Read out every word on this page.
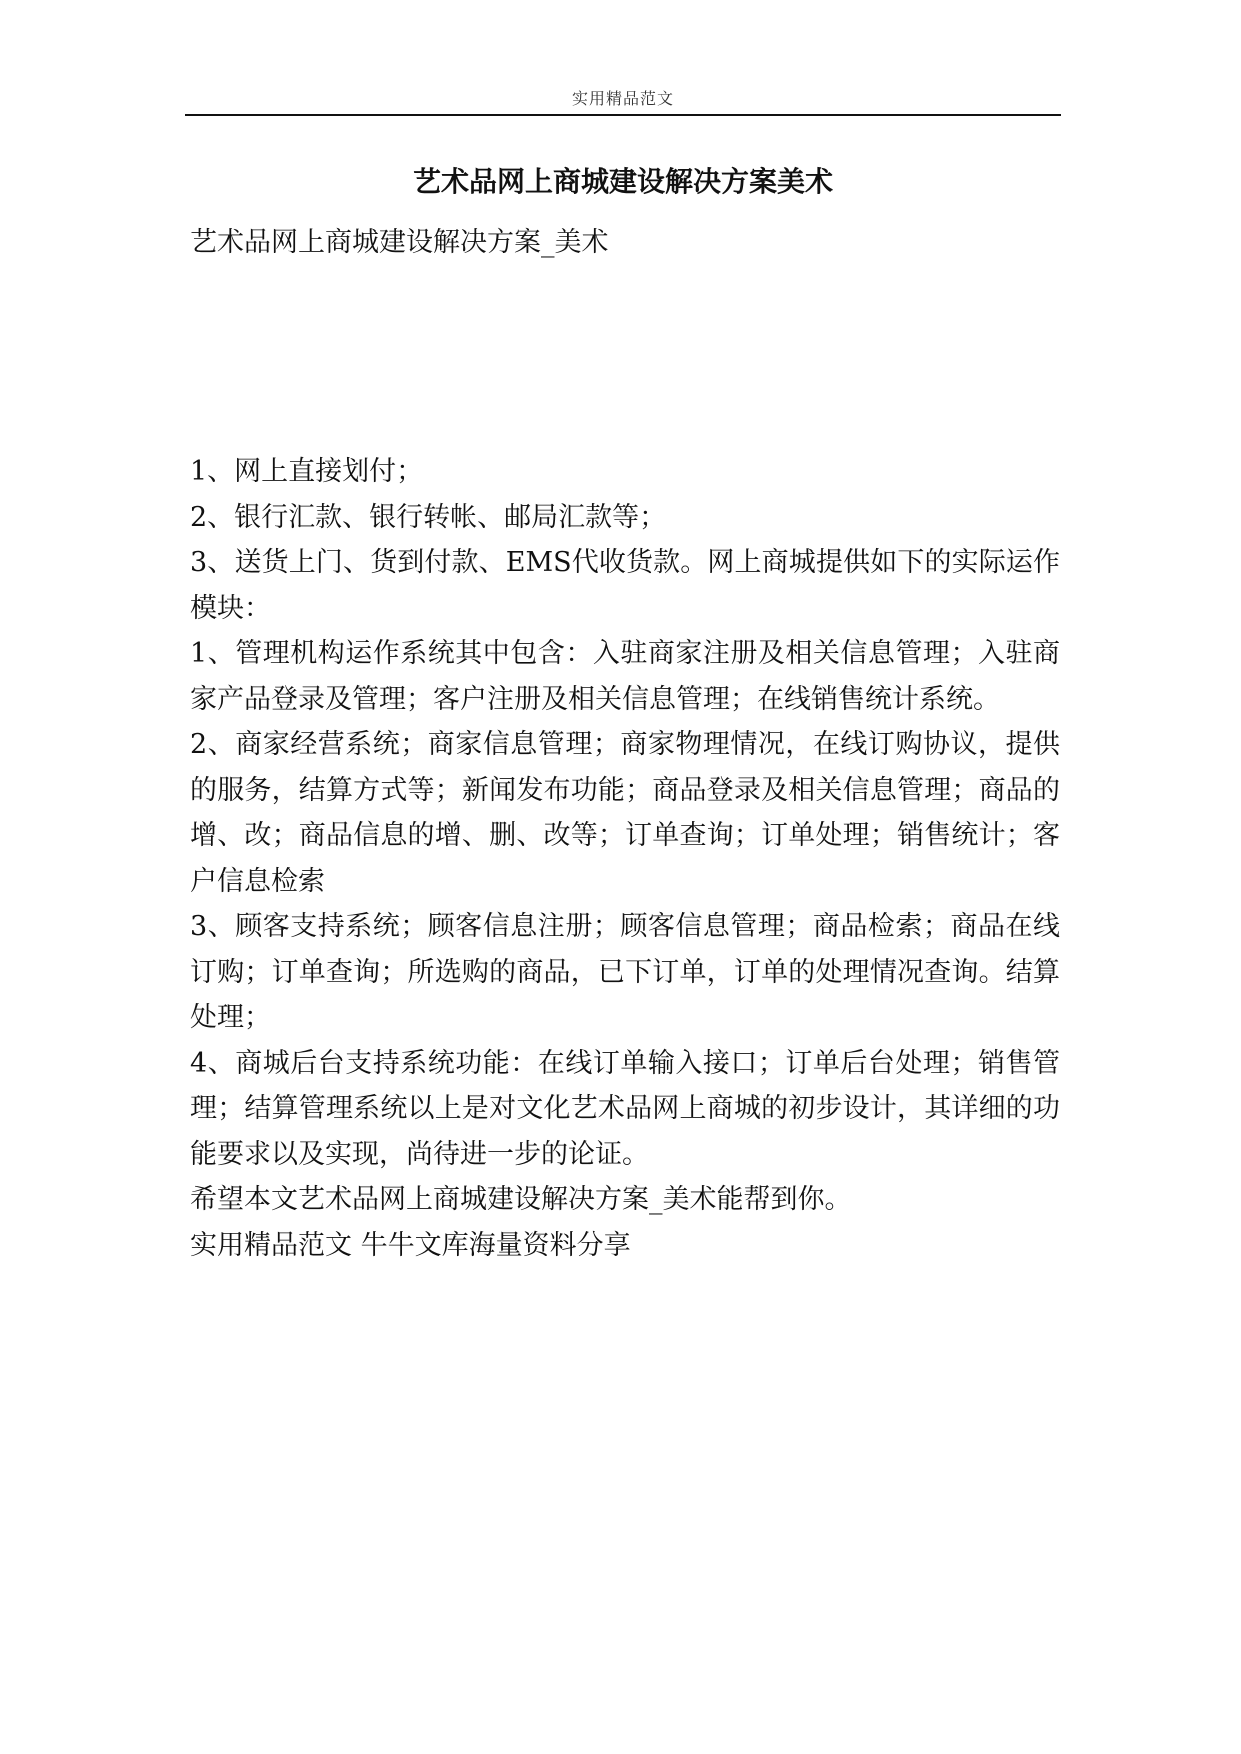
实用精品范文
艺术品网上商城建设解决方案美术

艺术品网上商城建设解决方案_美术

1、网上直接划付；

2、银行汇款、银行转帐、邮局汇款等；

3、送货上门、货到付款、EMS代收货款。网上商城提供如下的实际运作模块：

1、管理机构运作系统其中包含：入驻商家注册及相关信息管理；入驻商家产品登录及管理；客户注册及相关信息管理；在线销售统计系统。

2、商家经营系统；商家信息管理；商家物理情况，在线订购协议，提供的服务，结算方式等；新闻发布功能；商品登录及相关信息管理；商品的增、改；商品信息的增、删、改等；订单查询；订单处理；销售统计；客户信息检索

3、顾客支持系统；顾客信息注册；顾客信息管理；商品检索；商品在线订购；订单查询；所选购的商品，已下订单，订单的处理情况查询。结算处理；

4、商城后台支持系统功能：在线订单输入接口；订单后台处理；销售管理；结算管理系统以上是对文化艺术品网上商城的初步设计，其详细的功能要求以及实现，尚待进一步的论证。

希望本文艺术品网上商城建设解决方案_美术能帮到你。

实用精品范文 牛牛文库海量资料分享
